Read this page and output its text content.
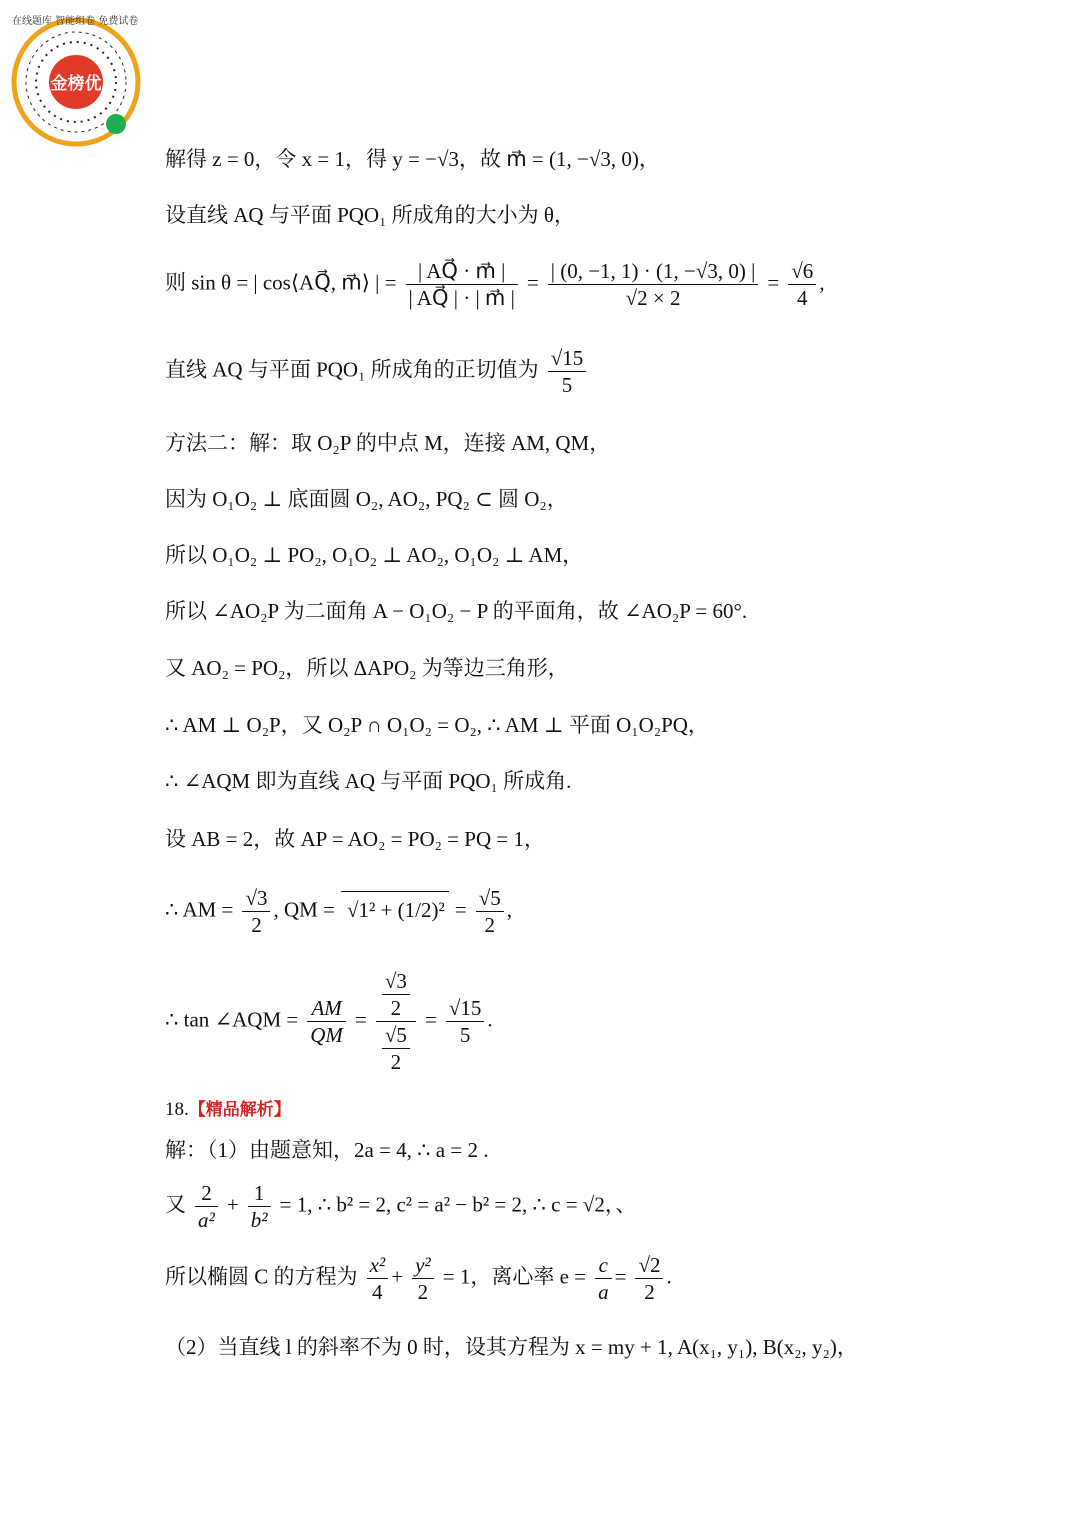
金榜优
在线题库 智能组卷 免费试卷
解得 z = 0，令 x = 1，得 y = −√3，故 m⃗ = (1, −√3, 0)，
设直线 AQ 与平面 PQO₁ 所成角的大小为 θ，
则 sin θ = | cos⟨AQ⃗, m⃗⟩ | = $\frac{| AQ⃗ \cdot m⃗ |}{| AQ⃗ | \cdot | m⃗ |} = \frac{| (0, -1, 1) \cdot (1, -√3, 0) |}{√2 \times 2} = \frac{√6}{4}$ ,
直线 AQ 与平面 PQO₁ 所成角的正切值为 $\frac{√15}{5}$
方法二：解：取 O₂P 的中点 M，连接 AM, QM，
因为 O₁O₂ ⊥ 底面圆 O₂, AO₂, PQ₂ ⊂ 圆 O₂，
所以 O₁O₂ ⊥ PO₂, O₁O₂ ⊥ AO₂, O₁O₂ ⊥ AM，
所以 ∠AO₂P 为二面角 A − O₁O₂ − P 的平面角，故 ∠AO₂P = 60°.
又 AO₂ = PO₂，所以 ΔAPO₂ 为等边三角形，
∴ AM ⊥ O₂P，又 O₂P ∩ O₁O₂ = O₂, ∴ AM ⊥ 平面 O₁O₂PQ，
∴ ∠AQM 即为直线 AQ 与平面 PQO₁ 所成角.
设 AB = 2，故 AP = AO₂ = PO₂ = PQ = 1，
∴ AM = $\frac{√3}{2}$ , QM = $√1^2 + (1/2)^2 = \frac{√5}{2}$ ,
∴ tan ∠AQM = $\frac{AM}{QM} = \frac{\frac{√3}{2}}{\frac{√5}{2}} = \frac{√15}{5}$ .
18.【精品解析】
解：（1）由题意知，2a = 4, ∴ a = 2 .
又 $\frac{2}{\text{a²}} + \frac{1}{\text{b²}} = 1$, ∴ b² = 2, c² = a² − b² = 2, ∴ c = √2，、
所以椭圆 C 的方程为 $\frac{\text{x²}}{4} + \frac{\text{y²}}{2} = 1$，离心率 $e = \frac{c}{a} = \frac{√2}{2}$ .
（2）当直线 l 的斜率不为 0 时，设其方程为 x = my + 1, A(x₁, y₁), B(x₂, y₂)，
